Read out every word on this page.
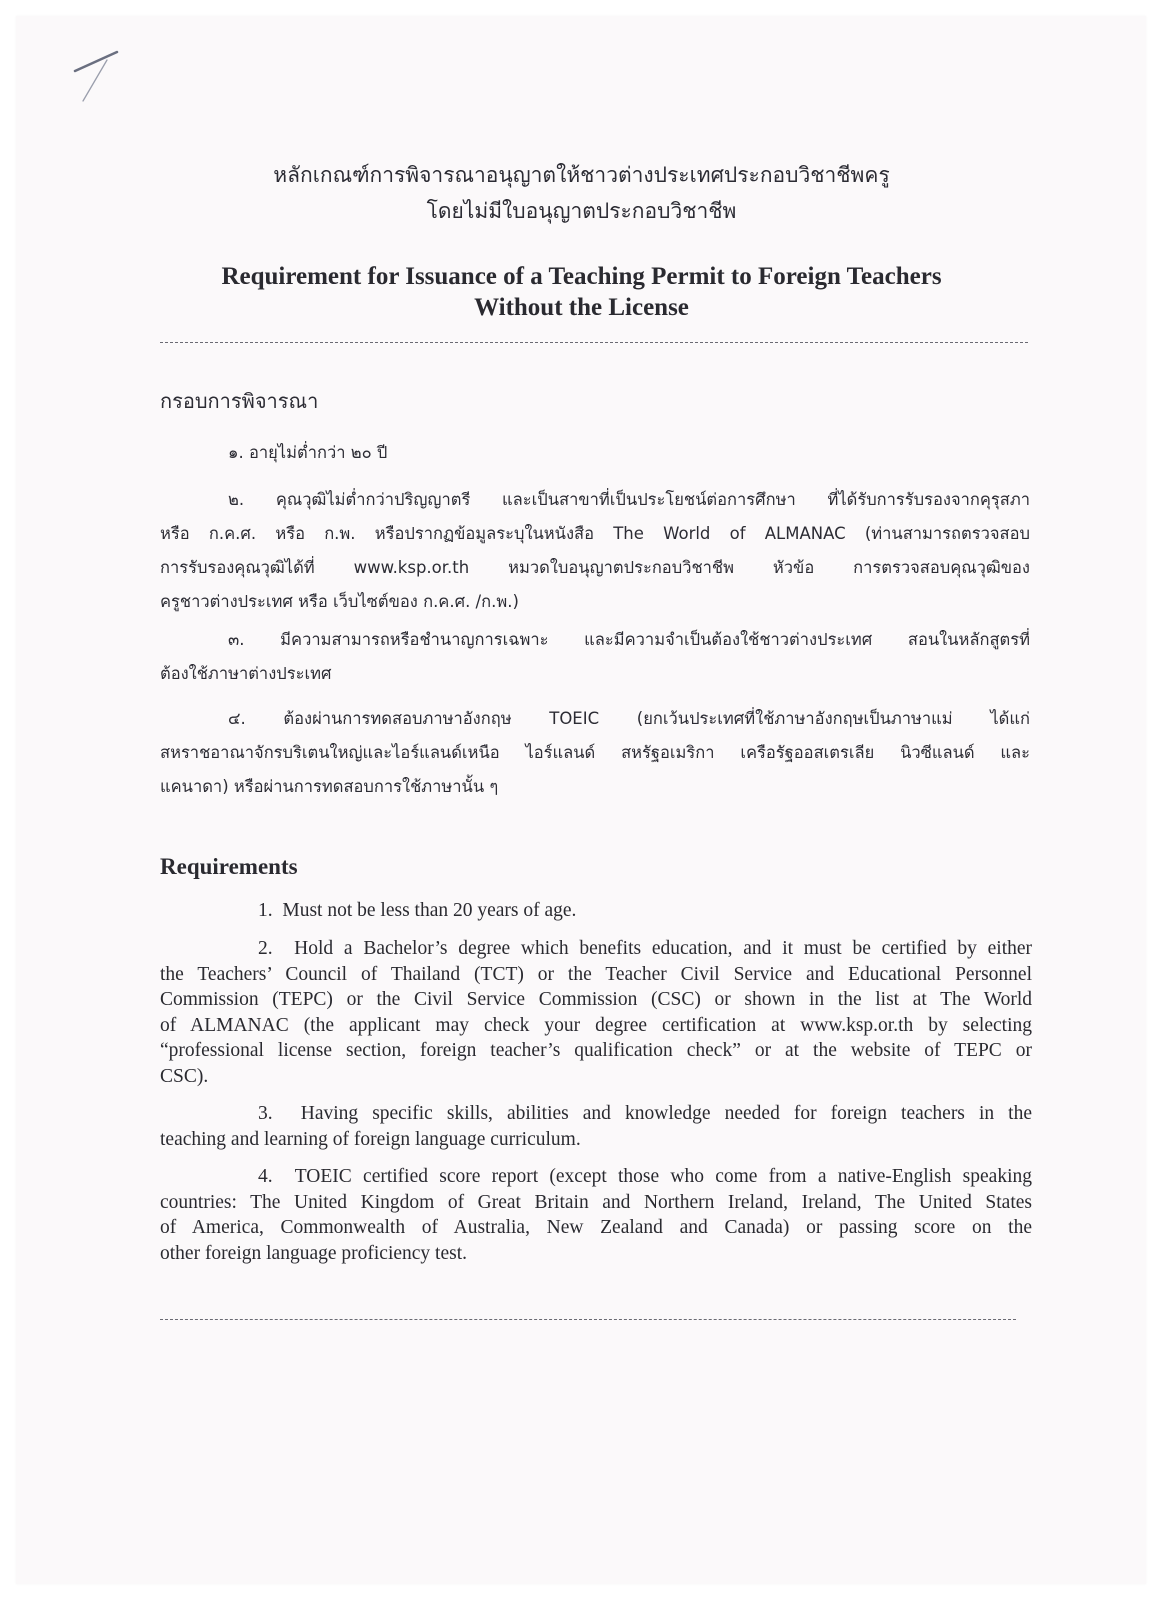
หลักเกณฑ์การพิจารณาอนุญาตให้ชาวต่างประเทศประกอบวิชาชีพครู
โดยไม่มีใบอนุญาตประกอบวิชาชีพ
Requirement for Issuance of a Teaching Permit to Foreign Teachers
Without the License
กรอบการพิจารณา
๑. อายุไม่ต่ำกว่า ๒๐ ปี
๒. คุณวุฒิไม่ต่ำกว่าปริญญาตรี และเป็นสาขาที่เป็นประโยชน์ต่อการศึกษา ที่ได้รับการรับรองจากคุรุสภา
หรือ ก.ค.ศ. หรือ ก.พ. หรือปรากฏข้อมูลระบุในหนังสือ The World of ALMANAC (ท่านสามารถตรวจสอบ
การรับรองคุณวุฒิได้ที่ www.ksp.or.th หมวดใบอนุญาตประกอบวิชาชีพ หัวข้อ การตรวจสอบคุณวุฒิของ
ครูชาวต่างประเทศ หรือ เว็บไซต์ของ ก.ค.ศ. /ก.พ.)
๓. มีความสามารถหรือชำนาญการเฉพาะ และมีความจำเป็นต้องใช้ชาวต่างประเทศ สอนในหลักสูตรที่
ต้องใช้ภาษาต่างประเทศ
๔. ต้องผ่านการทดสอบภาษาอังกฤษ TOEIC (ยกเว้นประเทศที่ใช้ภาษาอังกฤษเป็นภาษาแม่ ได้แก่
สหราชอาณาจักรบริเตนใหญ่และไอร์แลนด์เหนือ ไอร์แลนด์ สหรัฐอเมริกา เครือรัฐออสเตรเลีย นิวซีแลนด์ และ
แคนาดา) หรือผ่านการทดสอบการใช้ภาษานั้น ๆ
Requirements
1. Must not be less than 20 years of age.
2. Hold a Bachelor’s degree which benefits education, and it must be certified by either
the Teachers’ Council of Thailand (TCT) or the Teacher Civil Service and Educational Personnel
Commission (TEPC) or the Civil Service Commission (CSC) or shown in the list at The World
of ALMANAC (the applicant may check your degree certification at www.ksp.or.th by selecting
“professional license section, foreign teacher’s qualification check” or at the website of TEPC or
CSC).
3. Having specific skills, abilities and knowledge needed for foreign teachers in the
teaching and learning of foreign language curriculum.
4. TOEIC certified score report (except those who come from a native-English speaking
countries: The United Kingdom of Great Britain and Northern Ireland, Ireland, The United States
of America, Commonwealth of Australia, New Zealand and Canada) or passing score on the
other foreign language proficiency test.
